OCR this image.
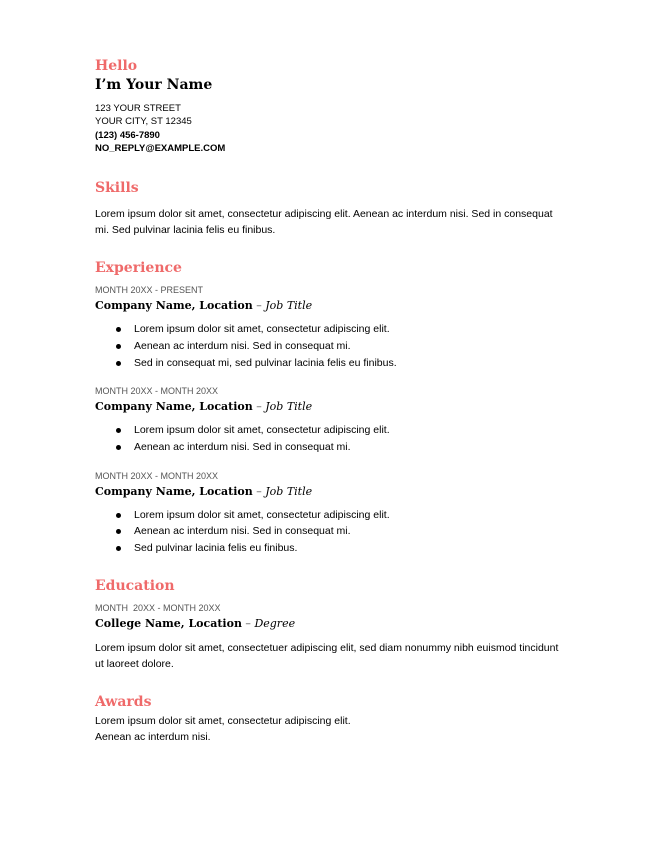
Hello
I’m Your Name
123 YOUR STREET
YOUR CITY, ST 12345
(123) 456-7890
NO_REPLY@EXAMPLE.COM
Skills

Lorem ipsum dolor sit amet, consectetur adipiscing elit. Aenean ac interdum nisi. Sed in consequat mi. Sed pulvinar lacinia felis eu finibus.

Experience
MONTH 20XX - PRESENT
Company Name, Location – Job Title
Lorem ipsum dolor sit amet, consectetur adipiscing elit.
Aenean ac interdum nisi. Sed in consequat mi.
Sed in consequat mi, sed pulvinar lacinia felis eu finibus.
MONTH 20XX - MONTH 20XX
Company Name, Location – Job Title
Lorem ipsum dolor sit amet, consectetur adipiscing elit.
Aenean ac interdum nisi. Sed in consequat mi.
MONTH 20XX - MONTH 20XX
Company Name, Location – Job Title
Lorem ipsum dolor sit amet, consectetur adipiscing elit.
Aenean ac interdum nisi. Sed in consequat mi.
Sed pulvinar lacinia felis eu finibus.
Education
MONTH  20XX - MONTH 20XX
College Name, Location – Degree

Lorem ipsum dolor sit amet, consectetuer adipiscing elit, sed diam nonummy nibh euismod tincidunt ut laoreet dolore.

Awards

Lorem ipsum dolor sit amet, consectetur adipiscing elit.

Aenean ac interdum nisi.
